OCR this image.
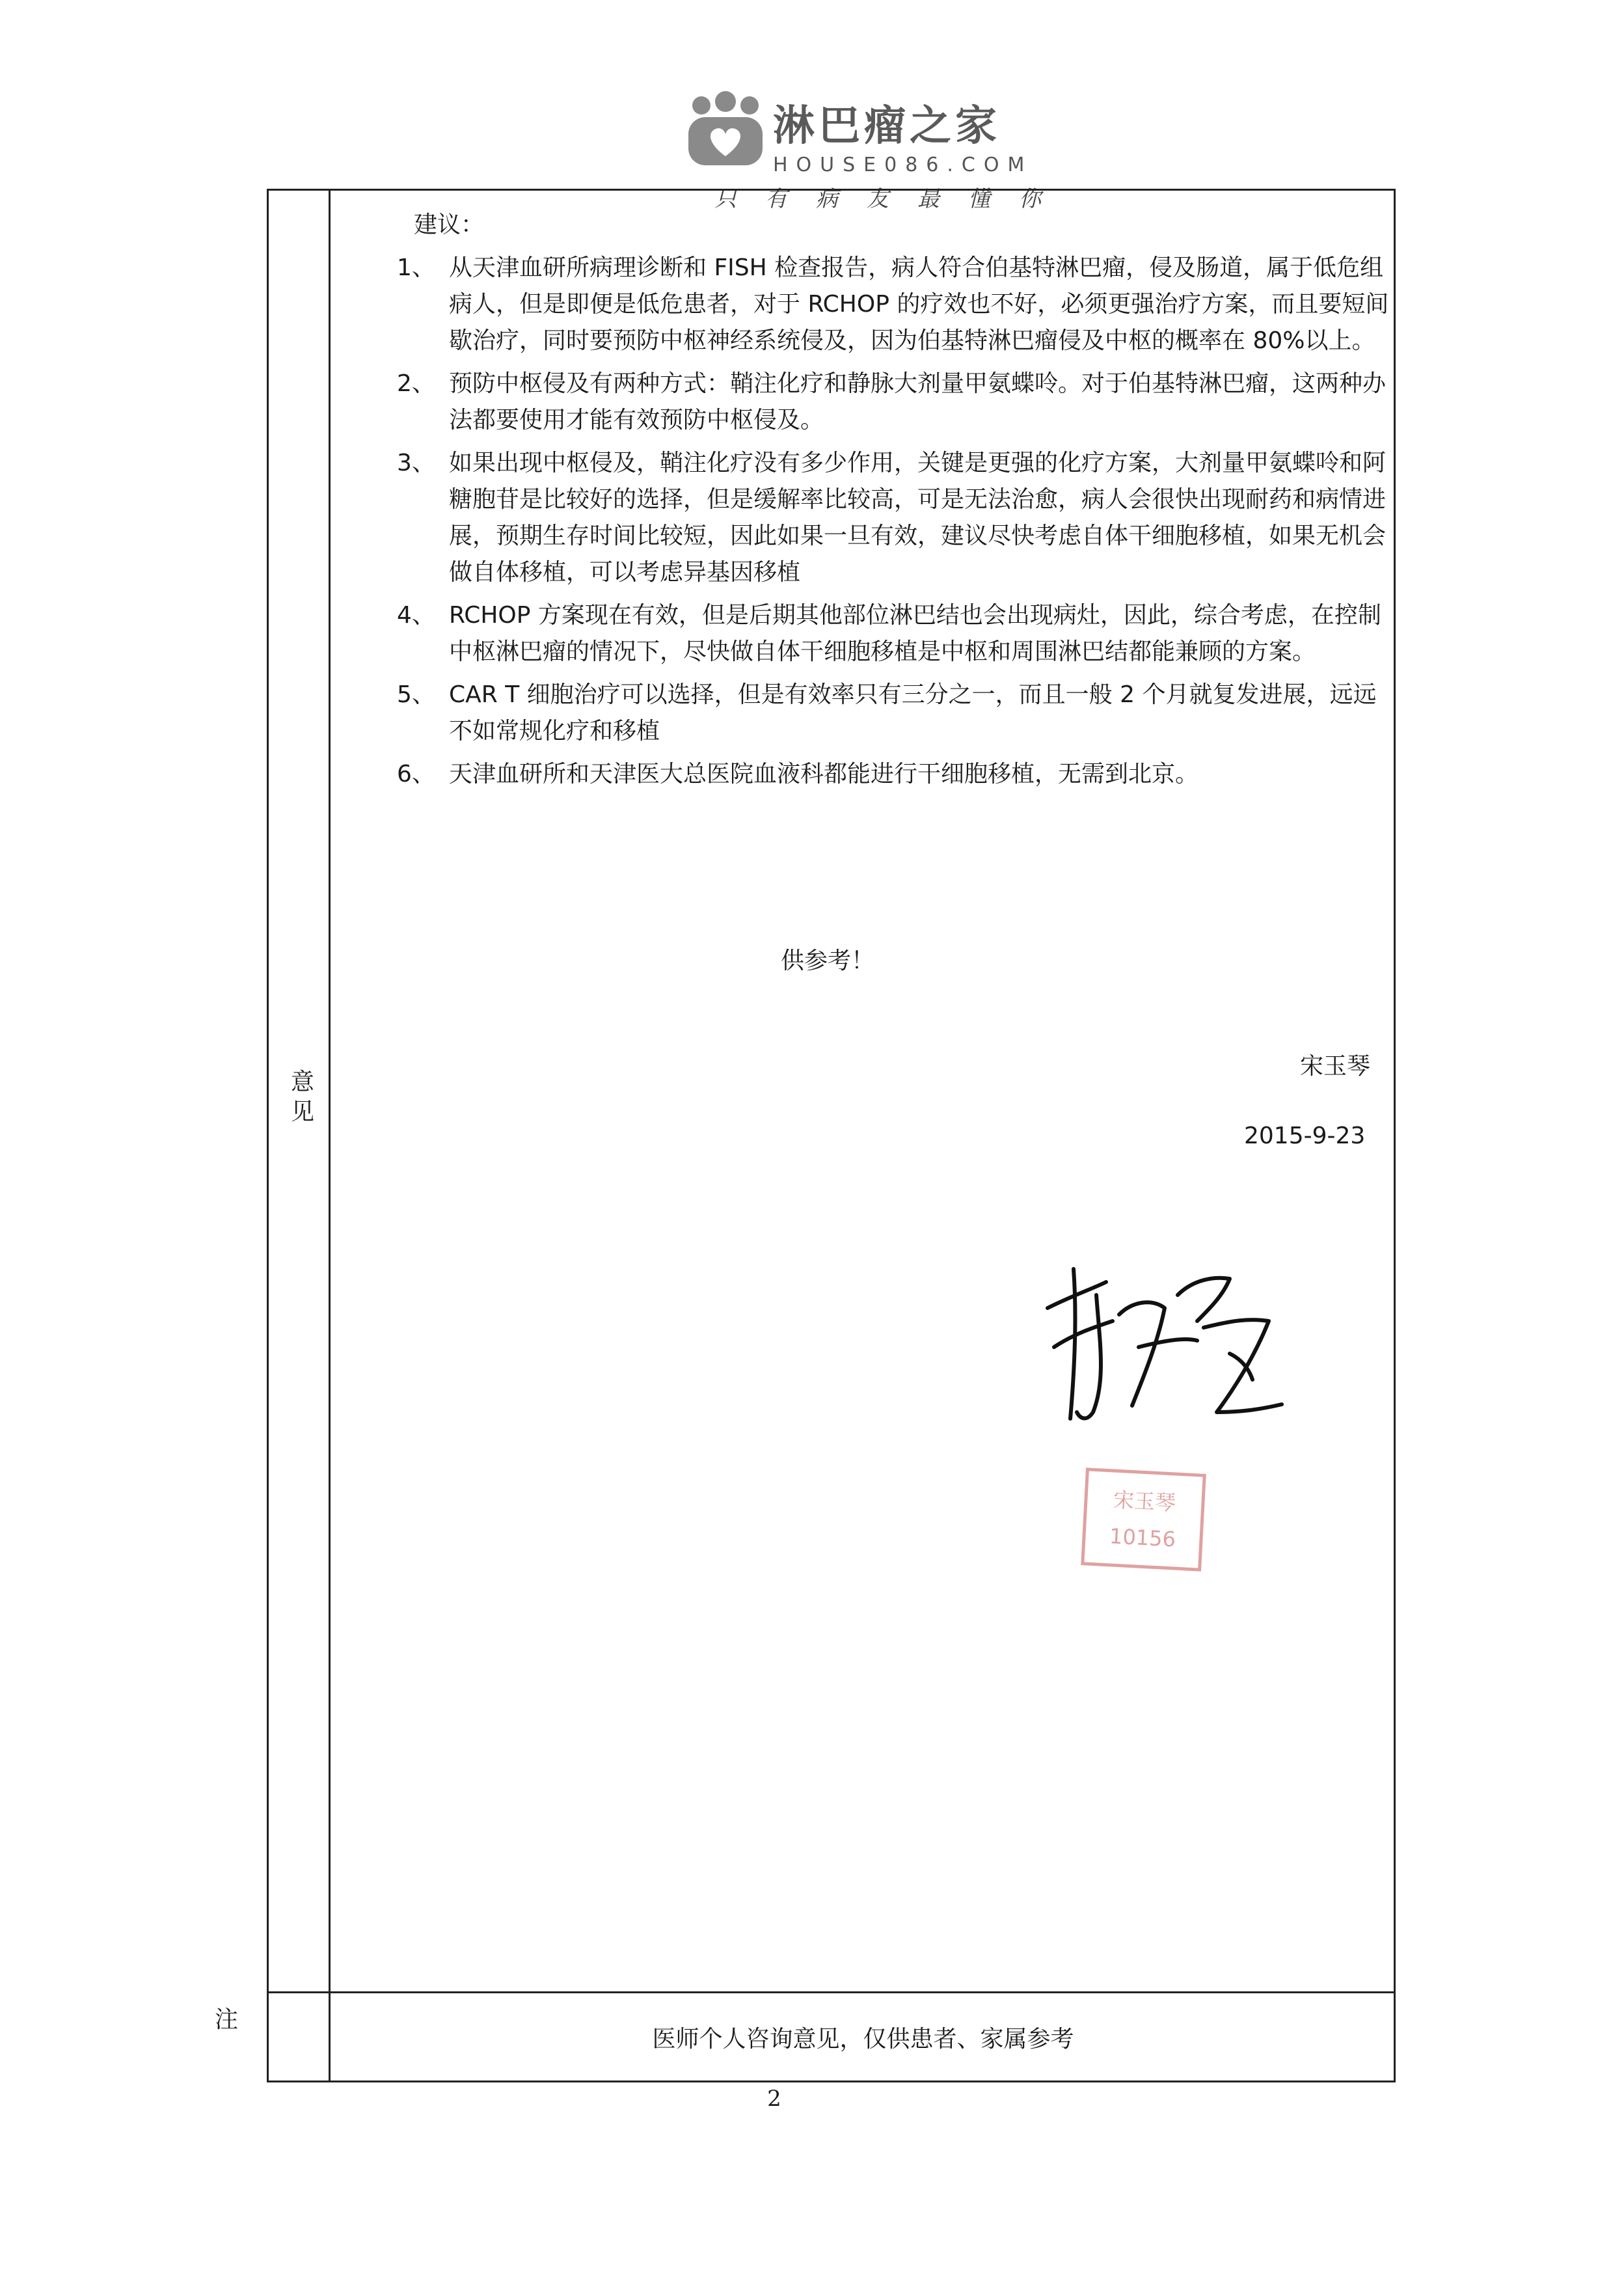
淋巴瘤之家
HOUSE086.COM
只有病友最懂你
意见
建议：
1 、	从天津血研所病理诊断和 FISH 检查报告，病人符合伯基特淋巴瘤，侵及肠道，属于低危组病人，但是即便是低危患者，对于 RCHOP 的疗效也不好，必须更强治疗方案，而且要短间歇治疗，同时要预防中枢神经系统侵及，因为伯基特淋巴瘤侵及中枢的概率在 80%以上。
2 、	预防中枢侵及有两种方式：鞘注化疗和静脉大剂量甲氨蝶呤。对于伯基特淋巴瘤，这两种办法都要使用才能有效预防中枢侵及。
3 、	如果出现中枢侵及，鞘注化疗没有多少作用，关键是更强的化疗方案，大剂量甲氨蝶呤和阿糖胞苷是比较好的选择，但是缓解率比较高，可是无法治愈，病人会很快出现耐药和病情进展，预期生存时间比较短，因此如果一旦有效，建议尽快考虑自体干细胞移植，如果无机会做自体移植，可以考虑异基因移植
4 、	RCHOP 方案现在有效，但是后期其他部位淋巴结也会出现病灶，因此，综合考虑，在控制中枢淋巴瘤的情况下，尽快做自体干细胞移植是中枢和周围淋巴结都能兼顾的方案。
5 、	CAR T 细胞治疗可以选择，但是有效率只有三分之一，而且一般 2 个月就复发进展，远远不如常规化疗和移植
6 、	天津血研所和天津医大总医院血液科都能进行干细胞移植，无需到北京。
供参考！
宋玉琴
2015-9-23
宋玉琴
10156
注
医师个人咨询意见，仅供患者、家属参考
2
